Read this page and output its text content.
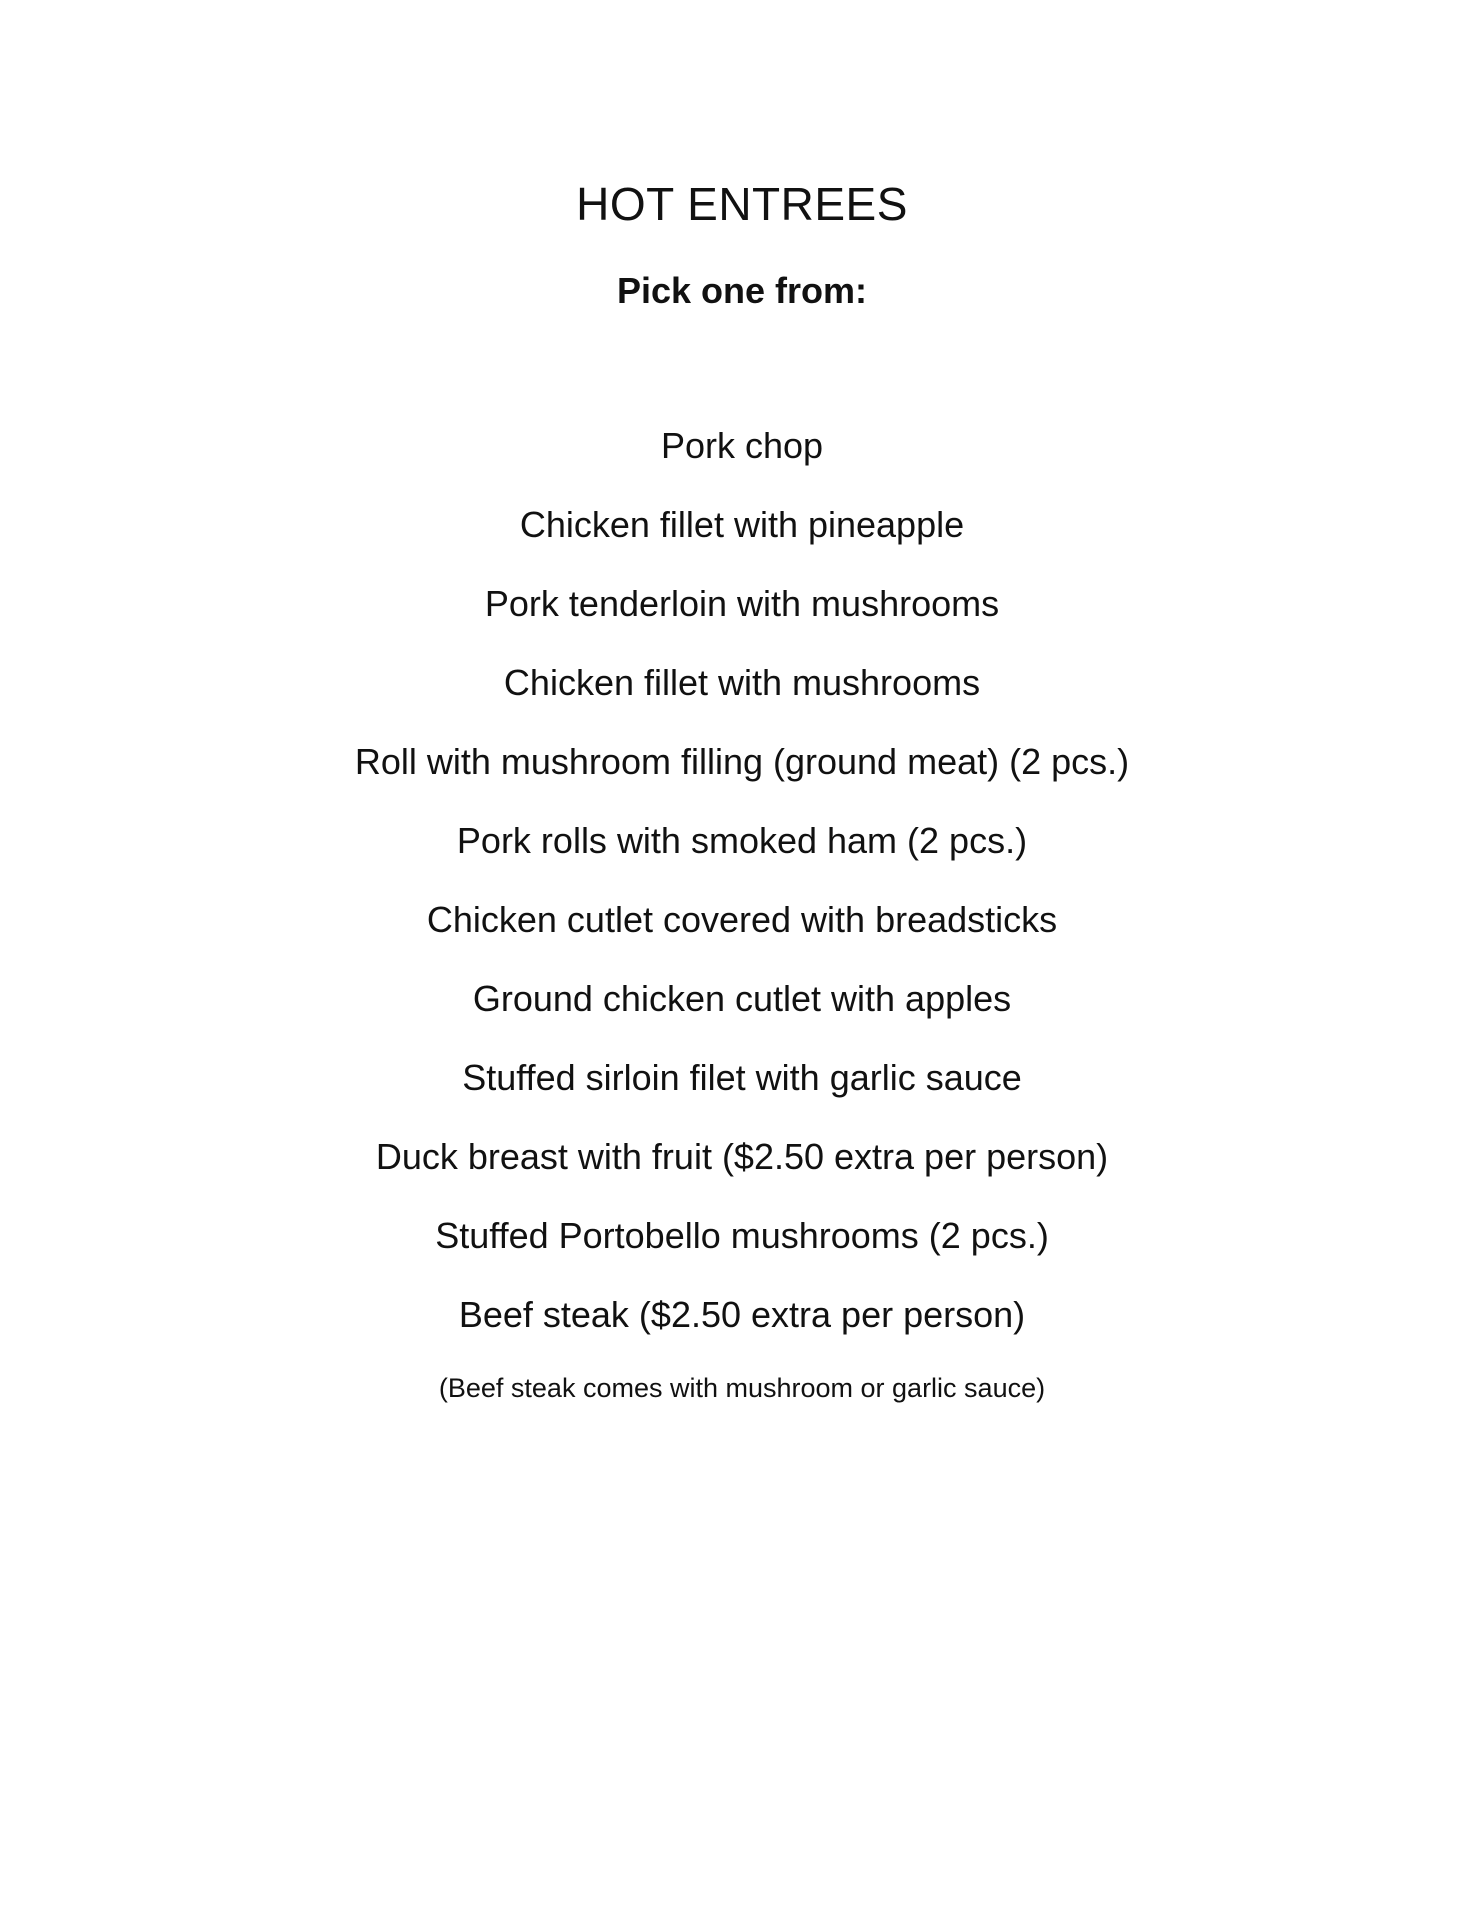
HOT ENTREES
Pick one from:
Pork chop
Chicken fillet with pineapple
Pork tenderloin with mushrooms
Chicken fillet with mushrooms
Roll with mushroom filling (ground meat) (2 pcs.)
Pork rolls with smoked ham (2 pcs.)
Chicken cutlet covered with breadsticks
Ground chicken cutlet with apples
Stuffed sirloin filet with garlic sauce
Duck breast with fruit ($2.50 extra per person)
Stuffed Portobello mushrooms (2 pcs.)
Beef steak ($2.50 extra per person)
(Beef steak comes with mushroom or garlic sauce)
